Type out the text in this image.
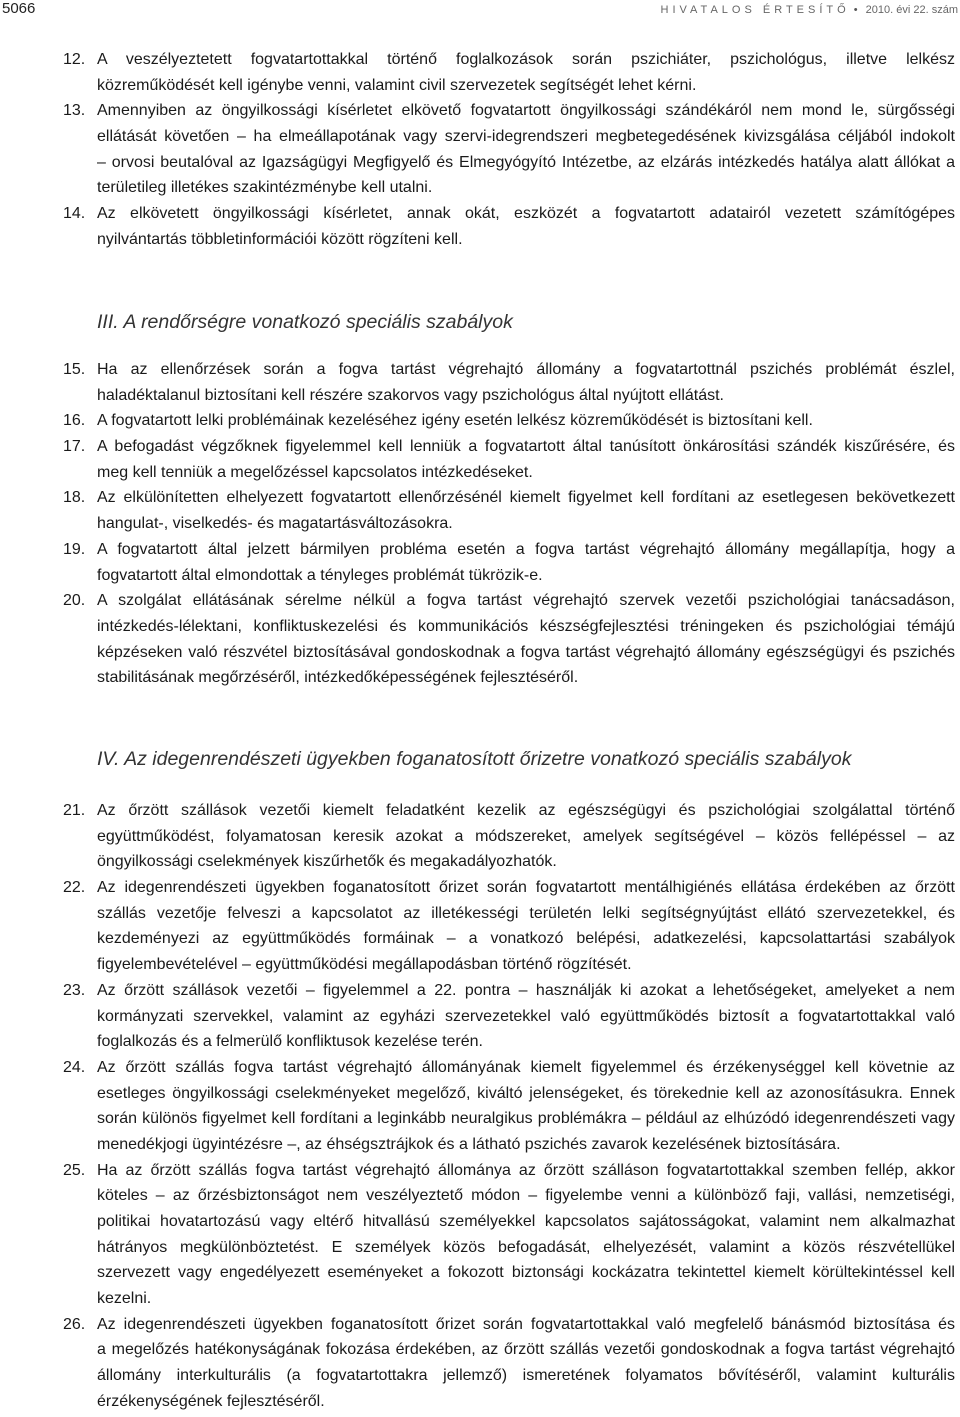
5066	HIVATALOS ÉRTESÍTŐ • 2010. évi 22. szám
12. A veszélyeztetett fogvatartottakkal történő foglalkozások során pszichiáter, pszichológus, illetve lelkész
közreműködését kell igénybe venni, valamint civil szervezetek segítségét lehet kérni.
13. Amennyiben az öngyilkossági kísérletet elkövető fogvatartott öngyilkossági szándékáról nem mond le, sürgősségi
ellátását követően – ha elmeállapotának vagy szervi-idegrendszeri megbetegedésének kivizsgálása céljából indokolt
– orvosi beutalóval az Igazságügyi Megfigyelő és Elmegyógyító Intézetbe, az elzárás intézkedés hatálya alatt állókat a
területileg illetékes szakintézménybe kell utalni.
14. Az elkövetett öngyilkossági kísérletet, annak okát, eszközét a fogvatartott adatairól vezetett számítógépes
nyilvántartás többletinformációi között rögzíteni kell.
III. A rendőrségre vonatkozó speciális szabályok
15. Ha az ellenőrzések során a fogva tartást végrehajtó állomány a fogvatartottnál pszichés problémát észlel,
haladéktalanul biztosítani kell részére szakorvos vagy pszichológus által nyújtott ellátást.
16. A fogvatartott lelki problémáinak kezeléséhez igény esetén lelkész közreműködését is biztosítani kell.
17. A befogadást végzőknek figyelemmel kell lenniük a fogvatartott által tanúsított önkárosítási szándék kiszűrésére, és
meg kell tenniük a megelőzéssel kapcsolatos intézkedéseket.
18. Az elkülönítetten elhelyezett fogvatartott ellenőrzésénél kiemelt figyelmet kell fordítani az esetlegesen bekövetkezett
hangulat-, viselkedés- és magatartásváltozásokra.
19. A fogvatartott által jelzett bármilyen probléma esetén a fogva tartást végrehajtó állomány megállapítja, hogy a
fogvatartott által elmondottak a tényleges problémát tükrözik-e.
20. A szolgálat ellátásának sérelme nélkül a fogva tartást végrehajtó szervek vezetői pszichológiai tanácsadáson,
intézkedés-lélektani, konfliktuskezelési és kommunikációs készségfejlesztési tréningeken és pszichológiai témájú
képzéseken való részvétel biztosításával gondoskodnak a fogva tartást végrehajtó állomány egészségügyi és pszichés
stabilitásának megőrzéséről, intézkedőképességének fejlesztéséről.
IV. Az idegenrendészeti ügyekben foganatosított őrizetre vonatkozó speciális szabályok
21. Az őrzött szállások vezetői kiemelt feladatként kezelik az egészségügyi és pszichológiai szolgálattal történő
együttműködést, folyamatosan keresik azokat a módszereket, amelyek segítségével – közös fellépéssel – az
öngyilkossági cselekmények kiszűrhetők és megakadályozhatók.
22. Az idegenrendészeti ügyekben foganatosított őrizet során fogvatartott mentálhigiénés ellátása érdekében az őrzött
szállás vezetője felveszi a kapcsolatot az illetékességi területén lelki segítségnyújtást ellátó szervezetekkel, és
kezdeményezi az együttműködés formáinak – a vonatkozó belépési, adatkezelési, kapcsolattartási szabályok
figyelembevételével – együttműködési megállapodásban történő rögzítését.
23. Az őrzött szállások vezetői – figyelemmel a 22. pontra – használják ki azokat a lehetőségeket, amelyeket a nem
kormányzati szervekkel, valamint az egyházi szervezetekkel való együttműködés biztosít a fogvatartottakkal való
foglalkozás és a felmerülő konfliktusok kezelése terén.
24. Az őrzött szállás fogva tartást végrehajtó állományának kiemelt figyelemmel és érzékenységgel kell követnie az
esetleges öngyilkossági cselekményeket megelőző, kiváltó jelenségeket, és törekednie kell az azonosításukra. Ennek
során különös figyelmet kell fordítani a leginkább neuralgikus problémákra – például az elhúzódó idegenrendészeti vagy
menedékjogi ügyintézésre –, az éhségsztrájkok és a látható pszichés zavarok kezelésének biztosítására.
25. Ha az őrzött szállás fogva tartást végrehajtó állománya az őrzött szálláson fogvatartottakkal szemben fellép, akkor
köteles – az őrzésbiztonságot nem veszélyeztető módon – figyelembe venni a különböző faji, vallási, nemzetiségi,
politikai hovatartozású vagy eltérő hitvallású személyekkel kapcsolatos sajátosságokat, valamint nem alkalmazhat
hátrányos megkülönböztetést. E személyek közös befogadását, elhelyezését, valamint a közös részvétellükel
szervezett vagy engedélyezett eseményeket a fokozott biztonsági kockázatra tekintettel kiemelt körültekintéssel kell
kezelni.
26. Az idegenrendészeti ügyekben foganatosított őrizet során fogvatartottakkal való megfelelő bánásmód biztosítása és
a megelőzés hatékonyságának fokozása érdekében, az őrzött szállás vezetői gondoskodnak a fogva tartást végrehajtó
állomány interkulturális (a fogvatartottakra jellemző) ismeretének folyamatos bővítéséről, valamint kulturális
érzékenységének fejlesztéséről.
